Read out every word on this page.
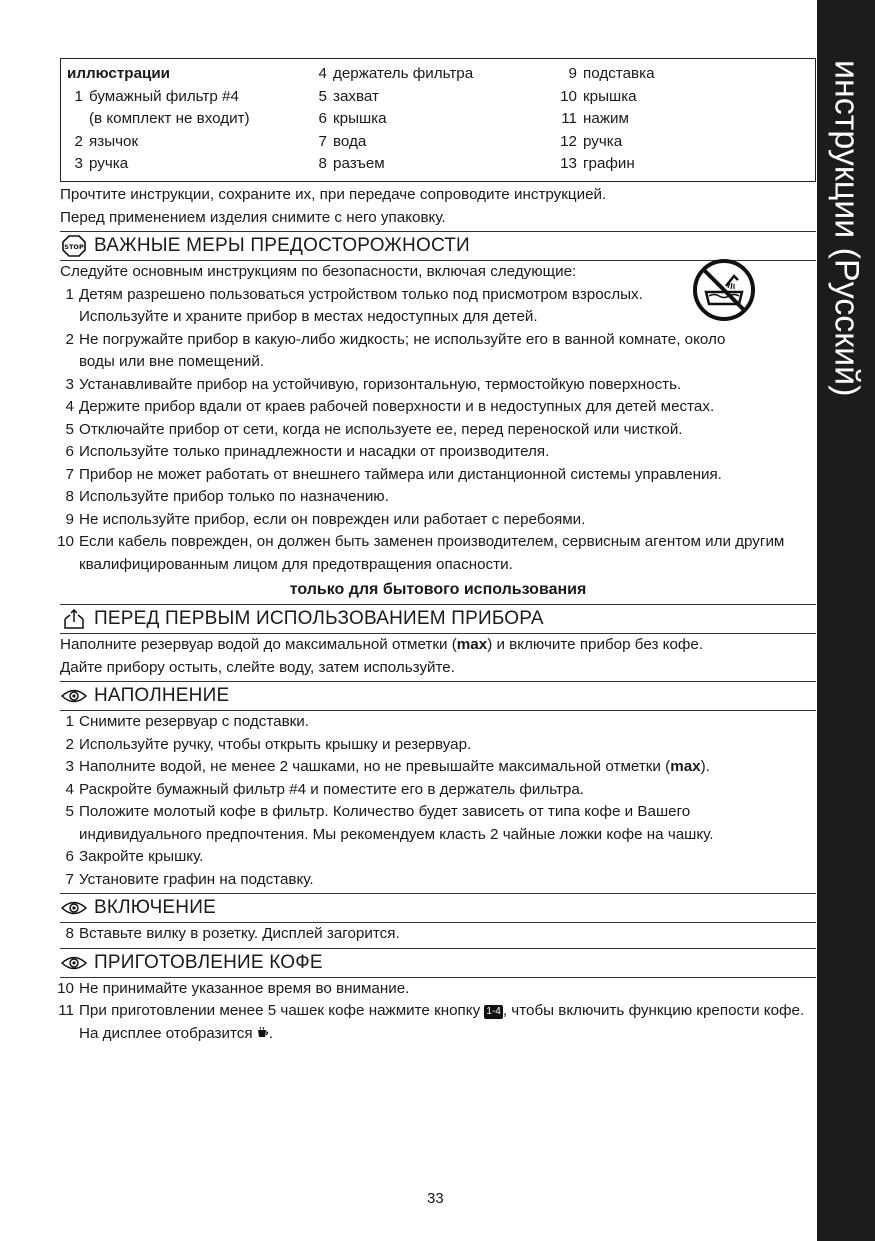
инструкции (Русский)
иллюстрации
1 бумажный фильтр #4
(в комплект не входит)
2 язычок
3 ручка
4 держатель фильтра
5 захват
6 крышка
7 вода
8 разъем
9 подставка
10 крышка
11 нажим
12 ручка
13 графин
Прочтите инструкции, сохраните их, при передаче сопроводите инструкцией.
Перед применением изделия снимите с него упаковку.
STOP ВАЖНЫЕ МЕРЫ ПРЕДОСТОРОЖНОСТИ
Следуйте основным инструкциям по безопасности, включая следующие:
1 Детям разрешено пользоваться устройством только под присмотром взрослых. Используйте и храните прибор в местах недоступных для детей.
2 Не погружайте прибор в какую-либо жидкость; не используйте его в ванной комнате, около воды или вне помещений.
3 Устанавливайте прибор на устойчивую, горизонтальную, термостойкую поверхность.
4 Держите прибор вдали от краев рабочей поверхности и в недоступных для детей местах.
5 Отключайте прибор от сети, когда не используете ее, перед переноской или чисткой.
6 Используйте только принадлежности и насадки от производителя.
7 Прибор не может работать от внешнего таймера или дистанционной системы управления.
8 Используйте прибор только по назначению.
9 Не используйте прибор, если он поврежден или работает с перебоями.
10 Если кабель поврежден, он должен быть заменен производителем, сервисным агентом или другим квалифицированным лицом для предотвращения опасности.
только для бытового использования
ПЕРЕД ПЕРВЫМ ИСПОЛЬЗОВАНИЕМ ПРИБОРА
Наполните резервуар водой до максимальной отметки (max) и включите прибор без кофе.
Дайте прибору остыть, слейте воду, затем используйте.
НАПОЛНЕНИЕ
1 Снимите резервуар с подставки.
2 Используйте ручку, чтобы открыть крышку и резервуар.
3 Наполните водой, не менее 2 чашками, но не превышайте максимальной отметки (max).
4 Раскройте бумажный фильтр #4 и поместите его в держатель фильтра.
5 Положите молотый кофе в фильтр. Количество будет зависеть от типа кофе и Вашего индивидуального предпочтения. Мы рекомендуем класть 2 чайные ложки кофе на чашку.
6 Закройте крышку.
7 Установите графин на подставку.
ВКЛЮЧЕНИЕ
8 Вставьте вилку в розетку. Дисплей загорится.
ПРИГОТОВЛЕНИЕ КОФЕ
10 Не принимайте указанное время во внимание.
11 При приготовлении менее 5 чашек кофе нажмите кнопку 1-4 , чтобы включить функцию крепости кофе. На дисплее отобразится .
33
